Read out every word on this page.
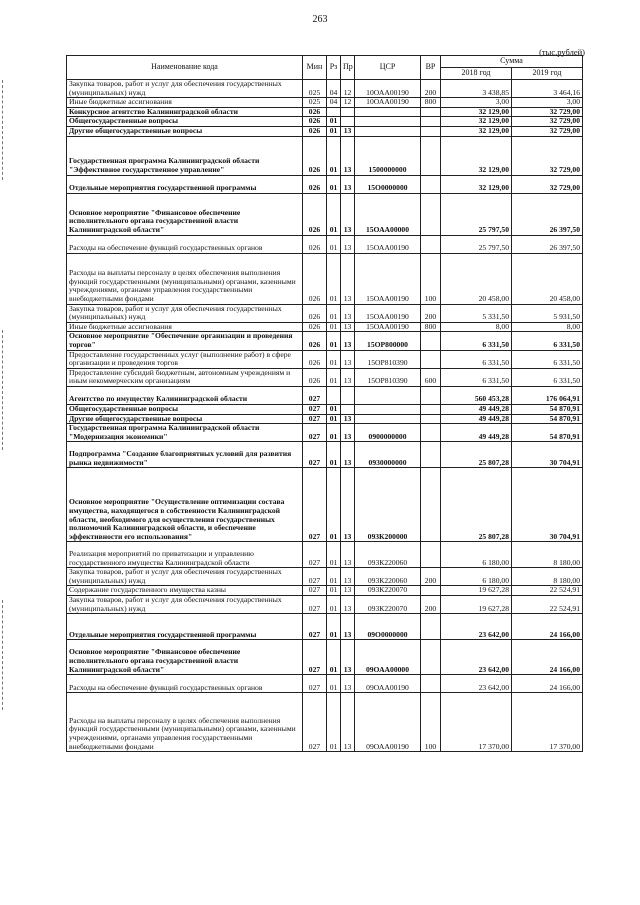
263
(тыс.рублей)
Наименование кода	Мин	Рз	Пр	ЦСР	ВР	Сумма	
						2018 год	2019 год
Закупка товаров, работ и услуг для обеспечения государственных (муниципальных) нужд	025	04	12	10ОАА00190	200	3 438,85	3 464,16
Иные бюджетные ассигнования	025	04	12	10ОАА00190	800	3,00	3,00
Конкурсное агентство Калининградской области	026					32 129,00	32 729,00
Общегосударственные вопросы	026	01				32 129,00	32 729,00
Другие общегосударственные вопросы	026	01	13			32 129,00	32 729,00
Государственная программа Калининградской области "Эффективное государственное управление"	026	01	13	1500000000		32 129,00	32 729,00
Отдельные мероприятия государственной программы	026	01	13	15О0000000		32 129,00	32 729,00
Основное мероприятие "Финансовое обеспечение исполнительного органа государственной власти Калининградской области"	026	01	13	15ОАА00000		25 797,50	26 397,50
Расходы на обеспечение функций государственных органов	026	01	13	15ОАА00190		25 797,50	26 397,50
Расходы на выплаты персоналу в целях обеспечения выполнения функций государственными (муниципальными) органами, казенными учреждениями, органами управления государственными внебюджетными фондами	026	01	13	15ОАА00190	100	20 458,00	20 458,00
Закупка товаров, работ и услуг для обеспечения государственных (муниципальных) нужд	026	01	13	15ОАА00190	200	5 331,50	5 931,50
Иные бюджетные ассигнования	026	01	13	15ОАА00190	800	8,00	8,00
Основное мероприятие "Обеспечение организации и проведения торгов"	026	01	13	15ОР800000		6 331,50	6 331,50
Предоставление государственных услуг (выполнение работ) в сфере организации и проведения торгов	026	01	13	15ОР810390		6 331,50	6 331,50
Предоставление субсидий бюджетным, автономным учреждениям и иным некоммерческим организациям	026	01	13	15ОР810390	600	6 331,50	6 331,50
Агентство по имуществу Калининградской области	027					560 453,28	176 064,91
Общегосударственные вопросы	027	01				49 449,28	54 870,91
Другие общегосударственные вопросы	027	01	13			49 449,28	54 870,91
Государственная программа Калининградской области "Модернизация экономики"	027	01	13	0900000000		49 449,28	54 870,91
Подпрограмма "Создание благоприятных условий для развития рынка недвижимости"	027	01	13	0930000000		25 807,28	30 704,91
Основное мероприятие "Осуществление оптимизации состава имущества, находящегося в собственности Калининградской области, необходимого для осуществления государственных полномочий Калининградской области, и обеспечение эффективности его использования"	027	01	13	093К200000		25 807,28	30 704,91
Реализация мероприятий по приватизации и управлению государственного имущества Калининградской области	027	01	13	093К220060		6 180,00	8 180,00
Закупка товаров, работ и услуг для обеспечения государственных (муниципальных) нужд	027	01	13	093К220060	200	6 180,00	8 180,00
Содержание государственного имущества казны	027	01	13	093К220070		19 627,28	22 524,91
Закупка товаров, работ и услуг для обеспечения государственных (муниципальных) нужд	027	01	13	093К220070	200	19 627,28	22 524,91
Отдельные мероприятия государственной программы	027	01	13	09О0000000		23 642,00	24 166,00
Основное мероприятие "Финансовое обеспечение исполнительного органа государственной власти Калининградской области"	027	01	13	09ОАА00000		23 642,00	24 166,00
Расходы на обеспечение функций государственных органов	027	01	13	09ОАА00190		23 642,00	24 166,00
Расходы на выплаты персоналу в целях обеспечения выполнения функций государственными (муниципальными) органами, казенными учреждениями, органами управления государственными внебюджетными фондами	027	01	13	09ОАА00190	100	17 370,00	17 370,00
